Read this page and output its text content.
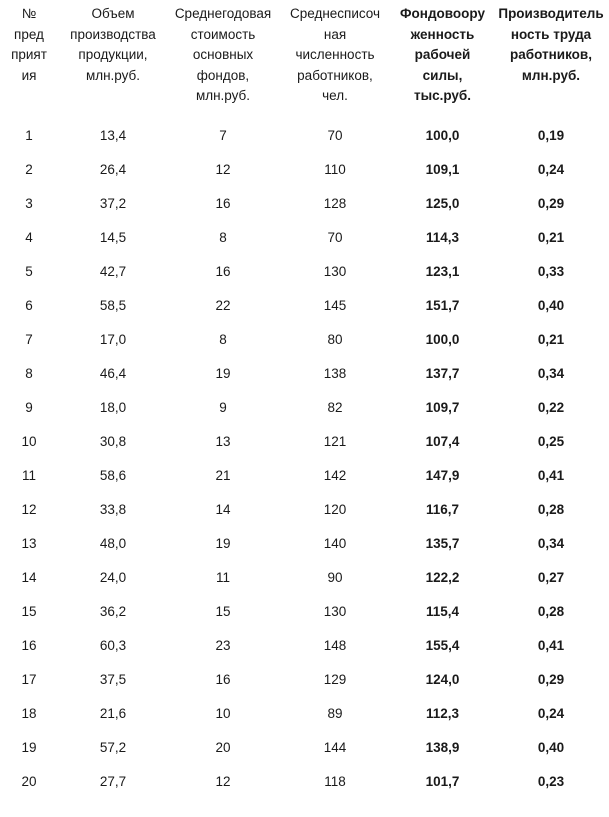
№
пред
прият
ия	Объем
производства
продукции,
млн.руб.	Среднегодовая
стоимость
основных
фондов,
млн.руб.	Среднесписоч
ная
численность
работников,
чел.	Фондовоору
женность
рабочей
силы,
тыс.руб.	Производитель
ность труда
работников,
млн.руб.
1	13,4	7	70	100,0	0,19
2	26,4	12	110	109,1	0,24
3	37,2	16	128	125,0	0,29
4	14,5	8	70	114,3	0,21
5	42,7	16	130	123,1	0,33
6	58,5	22	145	151,7	0,40
7	17,0	8	80	100,0	0,21
8	46,4	19	138	137,7	0,34
9	18,0	9	82	109,7	0,22
10	30,8	13	121	107,4	0,25
11	58,6	21	142	147,9	0,41
12	33,8	14	120	116,7	0,28
13	48,0	19	140	135,7	0,34
14	24,0	11	90	122,2	0,27
15	36,2	15	130	115,4	0,28
16	60,3	23	148	155,4	0,41
17	37,5	16	129	124,0	0,29
18	21,6	10	89	112,3	0,24
19	57,2	20	144	138,9	0,40
20	27,7	12	118	101,7	0,23
